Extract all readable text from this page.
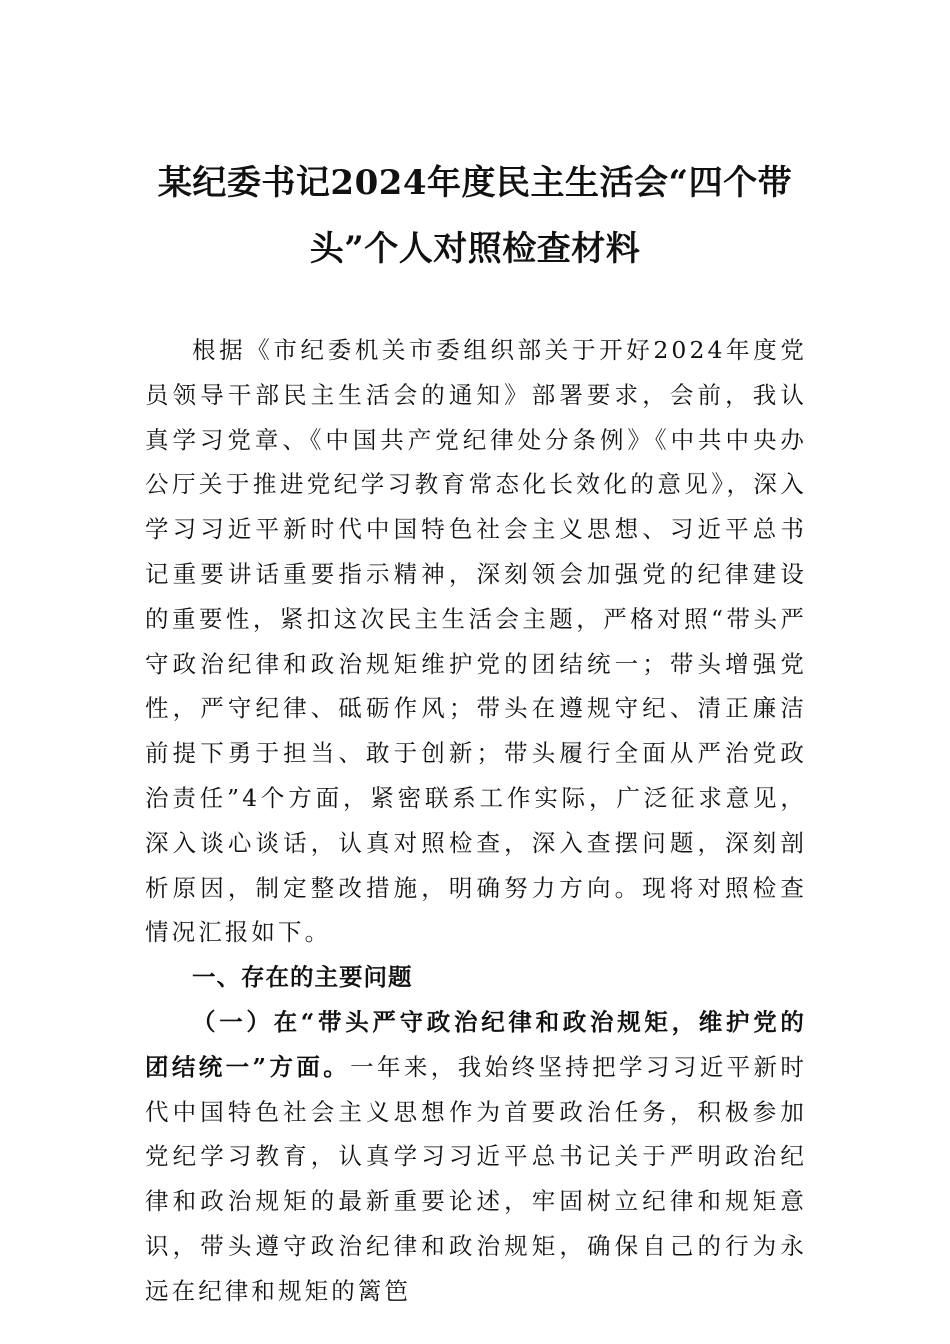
某纪委书记2024年度民主生活会“四个带头”个人对照检查材料

根据《市纪委机关市委组织部关于开好2024年度党员领导干部民主生活会的通知》部署要求，会前，我认真学习党章、《中国共产党纪律处分条例》《中共中央办公厅关于推进党纪学习教育常态化长效化的意见》，深入学习习近平新时代中国特色社会主义思想、习近平总书记重要讲话重要指示精神，深刻领会加强党的纪律建设的重要性，紧扣这次民主生活会主题，严格对照“带头严守政治纪律和政治规矩维护党的团结统一；带头增强党性，严守纪律、砥砺作风；带头在遵规守纪、清正廉洁前提下勇于担当、敢于创新；带头履行全面从严治党政治责任”4个方面，紧密联系工作实际，广泛征求意见，深入谈心谈话，认真对照检查，深入查摆问题，深刻剖析原因，制定整改措施，明确努力方向。现将对照检查情况汇报如下。

一、存在的主要问题

（一）在“带头严守政治纪律和政治规矩，维护党的团结统一”方面。一年来，我始终坚持把学习习近平新时代中国特色社会主义思想作为首要政治任务，积极参加党纪学习教育，认真学习习近平总书记关于严明政治纪律和政治规矩的最新重要论述，牢固树立纪律和规矩意识，带头遵守政治纪律和政治规矩，确保自己的行为永远在纪律和规矩的篱笆
